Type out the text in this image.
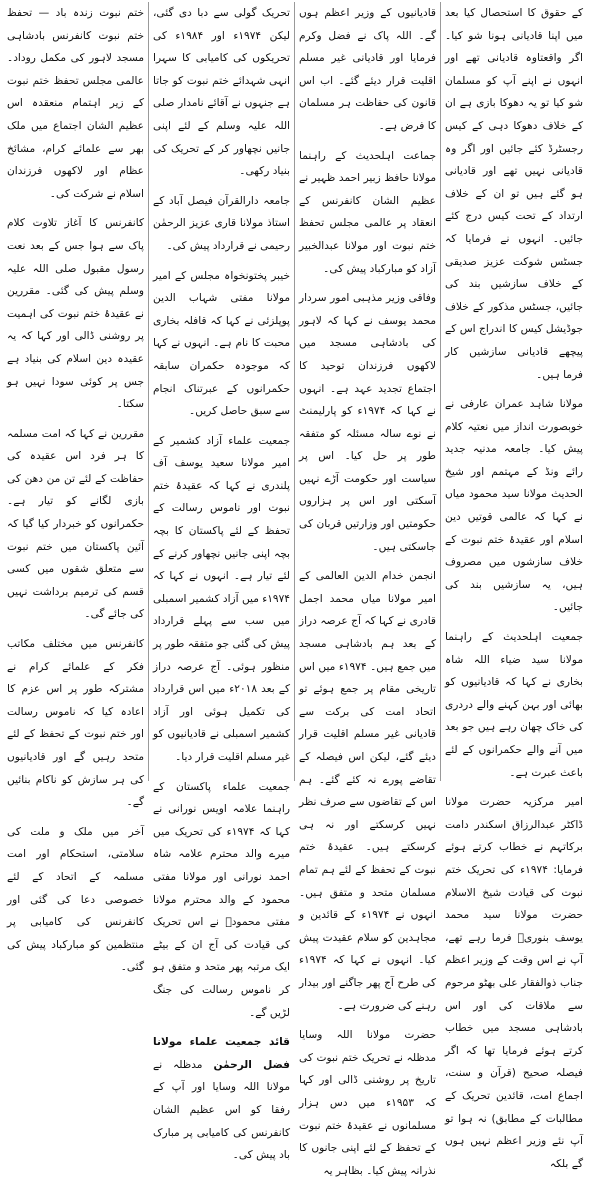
کے حقوق کا استحصال کیا بعد میں اپنا قادیانی ہونا شو کیا۔ اگر واقعتاوہ قادیانی تھے اور انہوں نے اپنے آپ کو مسلمان شو کیا تو یہ دھوکا بازی ہے ان کے خلاف دھوکا دہی کے کیس رجسٹرڈ کئے جائیں اور اگر وہ قادیانی نہیں تھے اور قادیانی ہو گئے ہیں تو ان کے خلاف ارتداد کے تحت کیس درج کئے جائیں۔ انہوں نے فرمایا کہ جسٹس شوکت عزیز صدیقی کے خلاف سازشیں بند کی جائیں، جسٹس مذکور کے خلاف جوڈیشل کیس کا اندراج اس کے پیچھے قادیانی سازشیں کار فرما ہیں۔

مولانا شاہد عمران عارفی نے خوبصورت انداز میں نعتیہ کلام پیش کیا۔ جامعہ مدنیہ جدید رائے ونڈ کے مہتمم اور شیخ الحدیث مولانا سید محمود میاں نے کہا کہ عالمی قوتیں دین اسلام اور عقیدۂ ختم نبوت کے خلاف سازشوں میں مصروف ہیں، یہ سازشیں بند کی جائیں۔

جمعیت اہلحدیث کے راہنما مولانا سید ضیاء اللہ شاہ بخاری نے کہا کہ قادیانیوں کو بھائی اور بہن کہنے والے دردری کی خاک چھان رہے ہیں جو بعد میں آنے والے حکمرانوں کے لئے باعث عبرت ہے۔

امیر مرکزیہ حضرت مولانا ڈاکٹر عبدالرزاق اسکندر دامت برکاتہم نے خطاب کرتے ہوئے فرمایا: ۱۹۷۴ء کی تحریک ختم نبوت کی قیادت شیخ الاسلام حضرت مولانا سید محمد یوسف بنوریؒ فرما رہے تھے، آپ نے اس وقت کے وزیر اعظم جناب ذوالفقار علی بھٹو مرحوم سے ملاقات کی اور اس بادشاہی مسجد میں خطاب کرتے ہوئے فرمایا تھا کہ اگر فیصلہ صحیح (قرآن و سنت، اجماع امت، قائدین تحریک کے مطالبات کے مطابق) نہ ہوا تو آپ نئے وزیر اعظم نہیں ہوں گے بلکہ

قادیانیوں کے وزیر اعظم ہوں گے۔ اللہ پاک نے فضل وکرم فرمایا اور قادیانی غیر مسلم اقلیت قرار دیئے گئے۔ اب اس قانون کی حفاظت ہر مسلمان کا فرض ہے۔

جماعت اہلحدیث کے راہنما مولانا حافظ زبیر احمد ظہیر نے عظیم الشان کانفرنس کے انعقاد پر عالمی مجلس تحفظ ختم نبوت اور مولانا عبدالخبیر آزاد کو مبارکباد پیش کی۔

وفاقی وزیر مذہبی امور سردار محمد یوسف نے کہا کہ لاہور کی بادشاہی مسجد میں لاکھوں فرزندان توحید کا اجتماع تجدید عہد ہے۔ انہوں نے کہا کہ ۱۹۷۴ء کو پارلیمنٹ نے نوے سالہ مسئلہ کو متفقہ طور پر حل کیا۔ اس پر سیاست اور حکومت آڑے نہیں آسکتی اور اس پر ہزاروں حکومتیں اور وزارتیں قربان کی جاسکتی ہیں۔

انجمن خدام الدین العالمی کے امیر مولانا میاں محمد اجمل قادری نے کہا کہ آج عرصہ دراز کے بعد ہم بادشاہی مسجد میں جمع ہیں۔ ۱۹۷۴ء میں اس تاریخی مقام پر جمع ہوئے تو اتحاد امت کی برکت سے قادیانی غیر مسلم اقلیت قرار دیئے گئے، لیکن اس فیصلہ کے تقاضے پورے نہ کئے گئے۔ ہم اس کے تقاضوں سے صرف نظر نہیں کرسکتے اور نہ ہی کرسکتے ہیں۔ عقیدۂ ختم نبوت کے تحفظ کے لئے ہم تمام مسلمان متحد و متفق ہیں۔ انہوں نے ۱۹۷۴ء کے قائدین و مجاہدین کو سلام عقیدت پیش کیا۔ انہوں نے کہا کہ ۱۹۷۴ء کی طرح آج پھر جاگنے اور بیدار رہنے کی ضرورت ہے۔

حضرت مولانا اللہ وسایا مدظلہ نے تحریک ختم نبوت کی تاریخ پر روشنی ڈالی اور کہا کہ ۱۹۵۳ء میں دس ہزار مسلمانوں نے عقیدۂ ختم نبوت کے تحفظ کے لئے اپنی جانوں کا نذرانہ پیش کیا۔ بظاہر یہ

تحریک گولی سے دبا دی گئی، لیکن ۱۹۷۴ء اور ۱۹۸۴ء کی تحریکوں کی کامیابی کا سہرا انہی شہدائے ختم نبوت کو جاتا ہے جنہوں نے آقائے نامدار صلی اللہ علیہ وسلم کے لئے اپنی جانیں نچھاور کر کے تحریک کی بنیاد رکھی۔

جامعہ دارالقرآن فیصل آباد کے استاذ مولانا قاری عزیز الرحمٰن رحیمی نے قرارداد پیش کی۔

خیبر پختونخواہ مجلس کے امیر مولانا مفتی شہاب الدین پوپلزئی نے کہا کہ قافلہ بخاری محبت کا نام ہے۔ انہوں نے کہا کہ موجودہ حکمران سابقہ حکمرانوں کے عبرتناک انجام سے سبق حاصل کریں۔

جمعیت علماء آزاد کشمیر کے امیر مولانا سعید یوسف آف پلندری نے کہا کہ عقیدۂ ختم نبوت اور ناموس رسالت کے تحفظ کے لئے پاکستان کا بچہ بچہ اپنی جانیں نچھاور کرنے کے لئے تیار ہے۔ انہوں نے کہا کہ ۱۹۷۴ء میں آزاد کشمیر اسمبلی میں سب سے پہلے قرارداد پیش کی گئی جو متفقہ طور پر منظور ہوئی۔ آج عرصہ دراز کے بعد ۲۰۱۸ء میں اس قرارداد کی تکمیل ہوئی اور آزاد کشمیر اسمبلی نے قادیانیوں کو غیر مسلم اقلیت قرار دیا۔

جمعیت علماء پاکستان کے راہنما علامہ اویس نورانی نے کہا کہ ۱۹۷۴ء کی تحریک میں میرے والد محترم علامہ شاہ احمد نورانی اور مولانا مفتی محمود کے والد محترم مولانا مفتی محمودؒ نے اس تحریک کی قیادت کی آج ان کے بیٹے ایک مرتبہ پھر متحد و متفق ہو کر ناموس رسالت کی جنگ لڑیں گے۔

قائد جمعیت علماء مولانا فضل الرحمٰن مدظلہ نے مولانا اللہ وسایا اور آپ کے رفقا کو اس عظیم الشان کانفرنس کی کامیابی پر مبارک باد پیش کی۔

ختم نبوت زندہ باد — تحفظ ختم نبوت کانفرنس بادشاہی مسجد لاہور کی مکمل روداد۔ عالمی مجلس تحفظ ختم نبوت کے زیر اہتمام منعقدہ اس عظیم الشان اجتماع میں ملک بھر سے علمائے کرام، مشائخ عظام اور لاکھوں فرزندان اسلام نے شرکت کی۔

کانفرنس کا آغاز تلاوت کلام پاک سے ہوا جس کے بعد نعت رسول مقبول صلی اللہ علیہ وسلم پیش کی گئی۔ مقررین نے عقیدۂ ختم نبوت کی اہمیت پر روشنی ڈالی اور کہا کہ یہ عقیدہ دین اسلام کی بنیاد ہے جس پر کوئی سودا نہیں ہو سکتا۔

مقررین نے کہا کہ امت مسلمہ کا ہر فرد اس عقیدہ کی حفاظت کے لئے تن من دھن کی بازی لگانے کو تیار ہے۔ حکمرانوں کو خبردار کیا گیا کہ آئین پاکستان میں ختم نبوت سے متعلق شقوں میں کسی قسم کی ترمیم برداشت نہیں کی جائے گی۔

کانفرنس میں مختلف مکاتب فکر کے علمائے کرام نے مشترکہ طور پر اس عزم کا اعادہ کیا کہ ناموس رسالت اور ختم نبوت کے تحفظ کے لئے متحد رہیں گے اور قادیانیوں کی ہر سازش کو ناکام بنائیں گے۔

آخر میں ملک و ملت کی سلامتی، استحکام اور امت مسلمہ کے اتحاد کے لئے خصوصی دعا کی گئی اور کانفرنس کی کامیابی پر منتظمین کو مبارکباد پیش کی گئی۔
